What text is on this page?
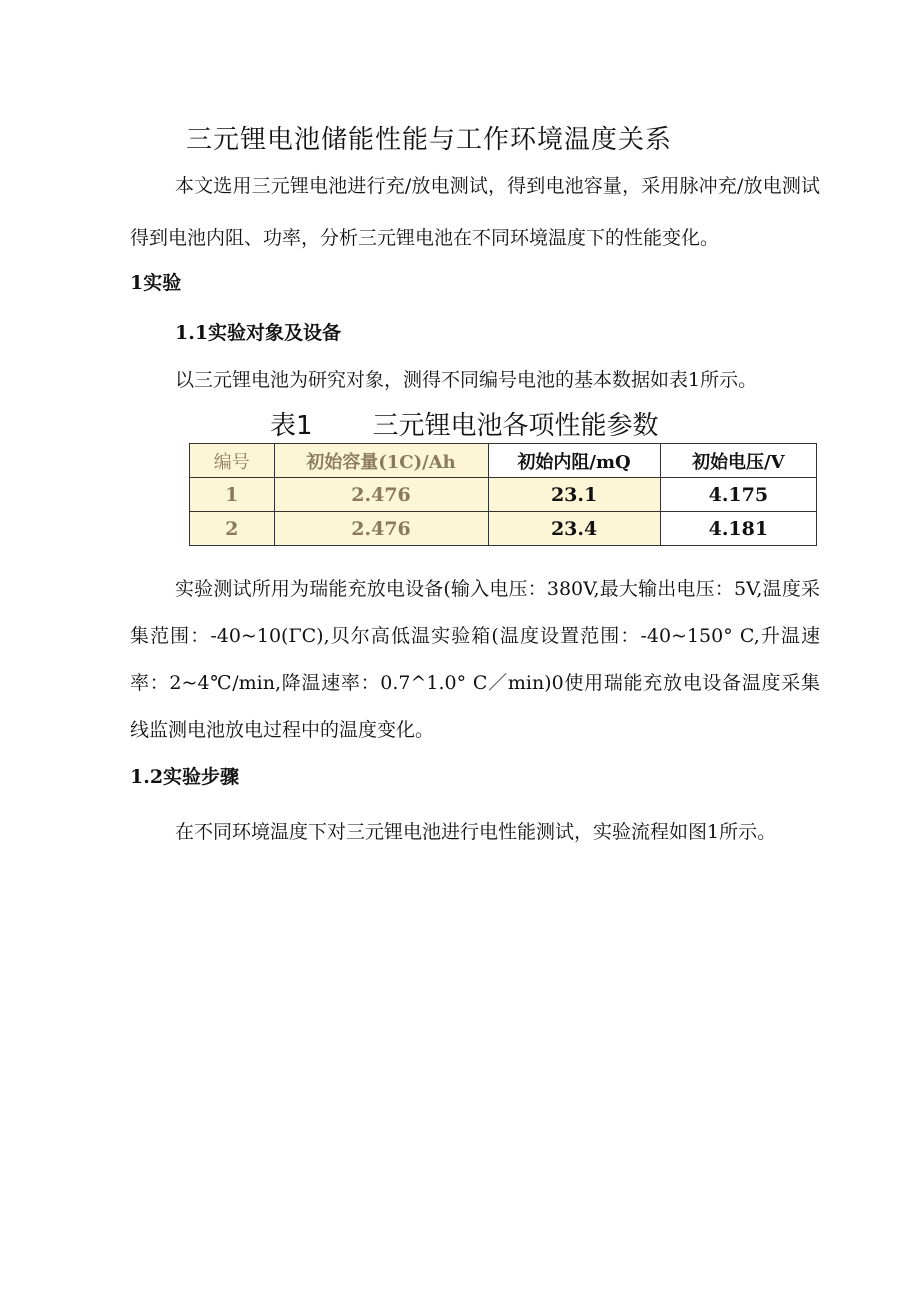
三元锂电池储能性能与工作环境温度关系

本文选用三元锂电池进行充/放电测试，得到电池容量，采用脉冲充/放电测试得到电池内阻、功率，分析三元锂电池在不同环境温度下的性能变化。

1实验
1.1实验对象及设备

以三元锂电池为研究对象，测得不同编号电池的基本数据如表1所示。

表1 三元锂电池各项性能参数
编号	初始容量(1C)/Ah	初始内阻/mQ	初始电压/V
1	2.476	23.1	4.175
2	2.476	23.4	4.181

实验测试所用为瑞能充放电设备(输入电压：380V,最大输出电压：5V,温度采集范围：-40~10(ΓC),贝尔高低温实验箱(温度设置范围：-40~150° C,升温速率：2~4℃/min,降温速率：0.7^1.0° C／min)0使用瑞能充放电设备温度采集线监测电池放电过程中的温度变化。

1.2实验步骤

在不同环境温度下对三元锂电池进行电性能测试，实验流程如图1所示。
